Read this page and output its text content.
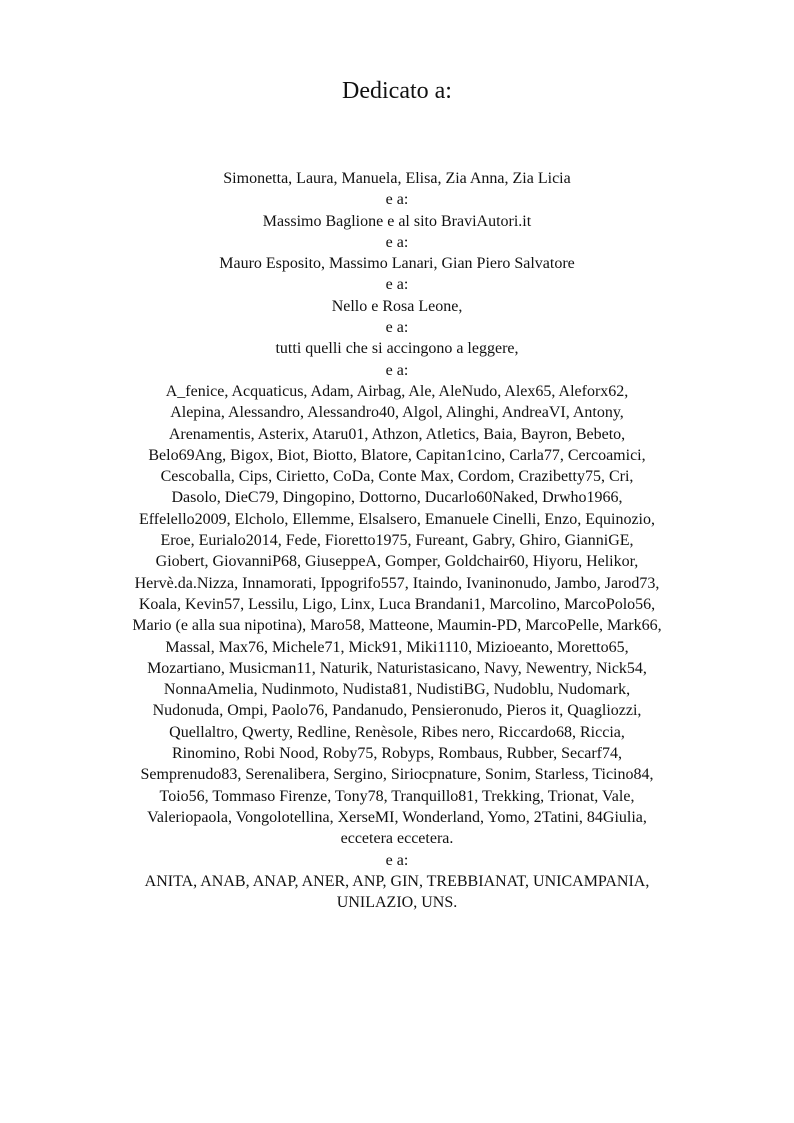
Dedicato a:
Simonetta, Laura, Manuela, Elisa, Zia Anna, Zia Licia
e a:
Massimo Baglione e al sito BraviAutori.it
e a:
Mauro Esposito, Massimo Lanari, Gian Piero Salvatore
e a:
Nello e Rosa Leone,
e a:
tutti quelli che si accingono a leggere,
e a:
A_fenice, Acquaticus, Adam, Airbag, Ale, AleNudo, Alex65, Aleforx62,
Alepina, Alessandro, Alessandro40, Algol, Alinghi, AndreaVI, Antony,
Arenamentis, Asterix, Ataru01, Athzon, Atletics, Baia, Bayron, Bebeto,
Belo69Ang, Bigox, Biot, Biotto, Blatore, Capitan1cino, Carla77, Cercoamici,
Cescoballa, Cips, Cirietto, CoDa, Conte Max, Cordom, Crazibetty75, Cri,
Dasolo, DieC79, Dingopino, Dottorno, Ducarlo60Naked, Drwho1966,
Effelello2009, Elcholo, Ellemme, Elsalsero, Emanuele Cinelli, Enzo, Equinozio,
Eroe, Eurialo2014, Fede, Fioretto1975, Fureant, Gabry, Ghiro, GianniGE,
Giobert, GiovanniP68, GiuseppeA, Gomper, Goldchair60, Hiyoru, Helikor,
Hervè.da.Nizza, Innamorati, Ippogrifo557, Itaindo, Ivaninonudo, Jambo, Jarod73,
Koala, Kevin57, Lessilu, Ligo, Linx, Luca Brandani1, Marcolino, MarcoPolo56,
Mario (e alla sua nipotina), Maro58, Matteone, Maumin-PD, MarcoPelle, Mark66,
Massal, Max76, Michele71, Mick91, Miki1110, Mizioeanto, Moretto65,
Mozartiano, Musicman11, Naturik, Naturistasicano, Navy, Newentry, Nick54,
NonnaAmelia, Nudinmoto, Nudista81, NudistiBG, Nudoblu, Nudomark,
Nudonuda, Ompi, Paolo76, Pandanudo, Pensieronudo, Pieros it, Quagliozzi,
Quellaltro, Qwerty, Redline, Renèsole, Ribes nero, Riccardo68, Riccia,
Rinomino, Robi Nood, Roby75, Robyps, Rombaus, Rubber, Secarf74,
Semprenudo83, Serenalibera, Sergino, Siriocpnature, Sonim, Starless, Ticino84,
Toio56, Tommaso Firenze, Tony78, Tranquillo81, Trekking, Trionat, Vale,
Valeriopaola, Vongolotellina, XerseMI, Wonderland, Yomo, 2Tatini, 84Giulia,
eccetera eccetera.
e a:
ANITA, ANAB, ANAP, ANER, ANP, GIN, TREBBIANAT, UNICAMPANIA,
UNILAZIO, UNS.
